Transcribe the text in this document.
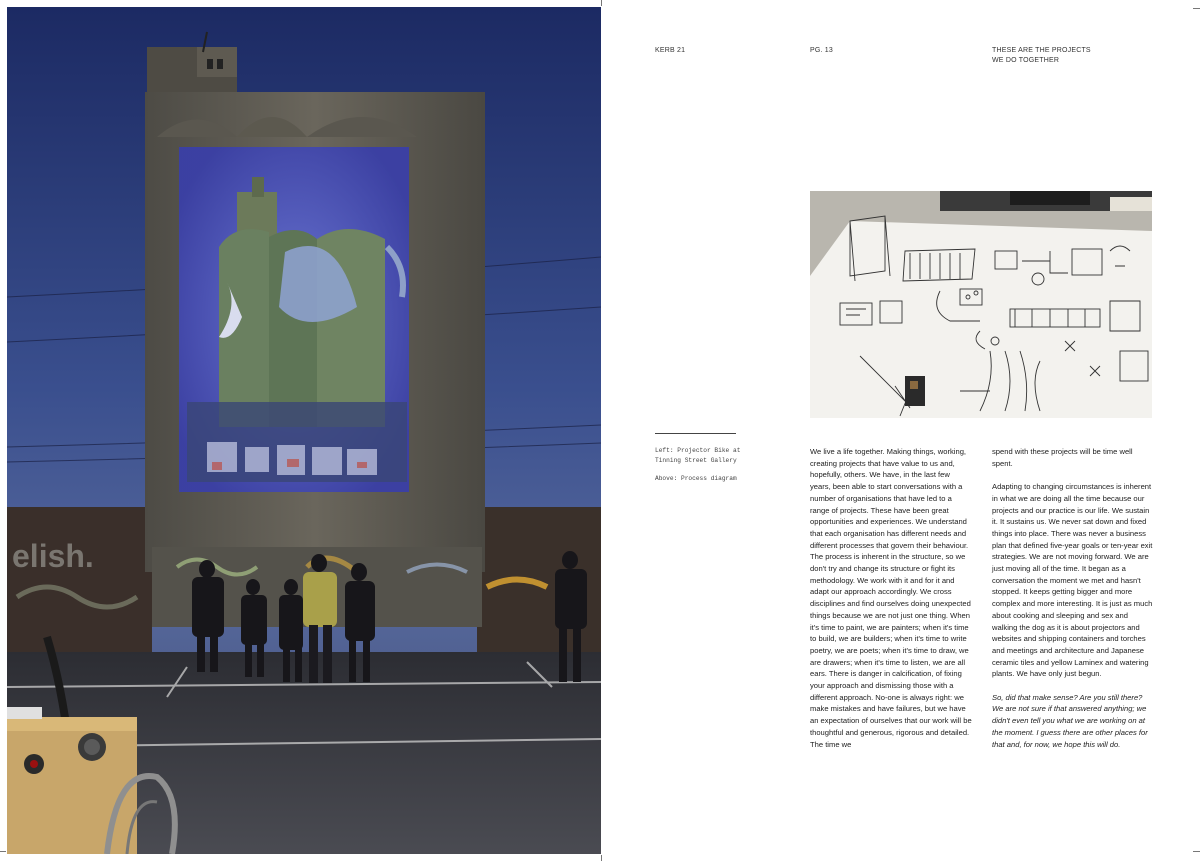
elish.
KERB 21	PG. 13	THESE ARE THE PROJECTS
WE DO TOGETHER
Left: Projector Bike at Tinning Street Gallery
Above: Process diagram

We live a life together. Making things, working, creating projects that have value to us and, hopefully, others. We have, in the last few years, been able to start conversations with a number of organisations that have led to a range of projects. These have been great opportunities and experiences. We understand that each organisation has different needs and different processes that govern their behaviour. The process is inherent in the structure, so we don't try and change its structure or fight its methodology. We work with it and for it and adapt our approach accordingly. We cross disciplines and find ourselves doing unexpected things because we are not just one thing. When it's time to paint, we are painters; when it's time to build, we are builders; when it's time to write poetry, we are poets; when it's time to draw, we are drawers; when it's time to listen, we are all ears. There is danger in calcification, of fixing your approach and dismissing those with a different approach. No-one is always right: we make mistakes and have failures, but we have an expectation of ourselves that our work will be thoughtful and generous, rigorous and detailed. The time we

spend with these projects will be time well spent.

Adapting to changing circumstances is inherent in what we are doing all the time because our projects and our practice is our life. We sustain it. It sustains us. We never sat down and fixed things into place. There was never a business plan that defined five-year goals or ten-year exit strategies. We are not moving forward. We are just moving all of the time. It began as a conversation the moment we met and hasn't stopped. It keeps getting bigger and more complex and more interesting. It is just as much about cooking and sleeping and sex and walking the dog as it is about projectors and websites and shipping containers and torches and meetings and architecture and Japanese ceramic tiles and yellow Laminex and watering plants. We have only just begun.

So, did that make sense? Are you still there? We are not sure if that answered anything; we didn't even tell you what we are working on at the moment. I guess there are other places for that and, for now, we hope this will do.
